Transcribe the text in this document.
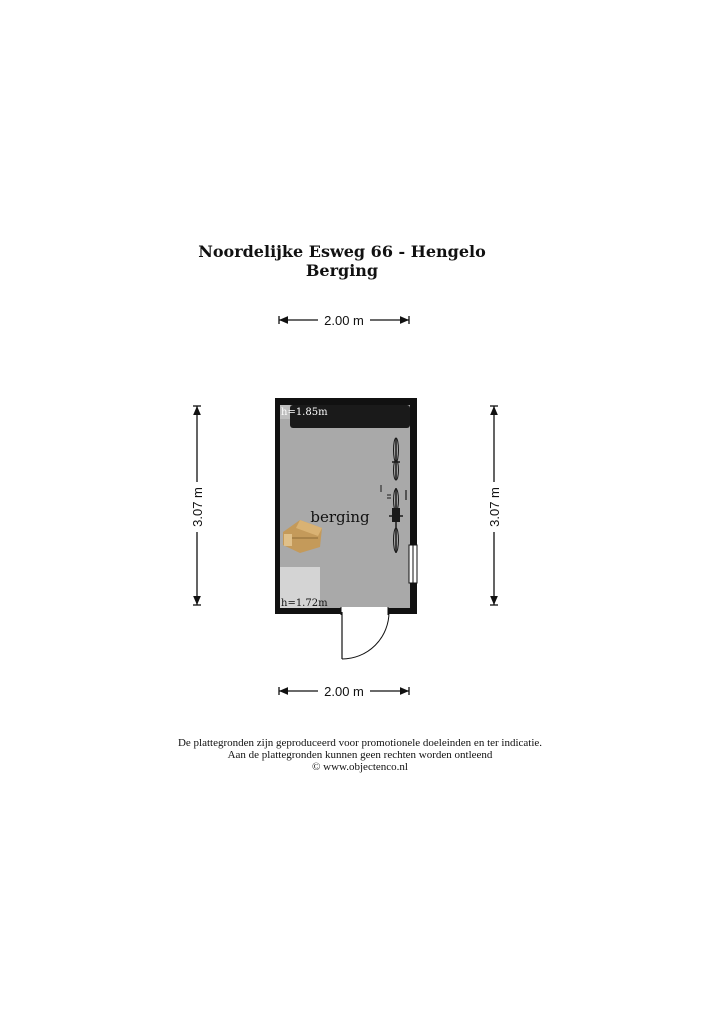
Noordelijke Esweg 66 - Hengelo
Berging
2.00 m
2.00 m
3.07 m	3.07 m
berging
h=1.85m
h=1.72m
De plattegronden zijn geproduceerd voor promotionele doeleinden en ter indicatie.
Aan de plattegronden kunnen geen rechten worden ontleend
© www.objectenco.nl
